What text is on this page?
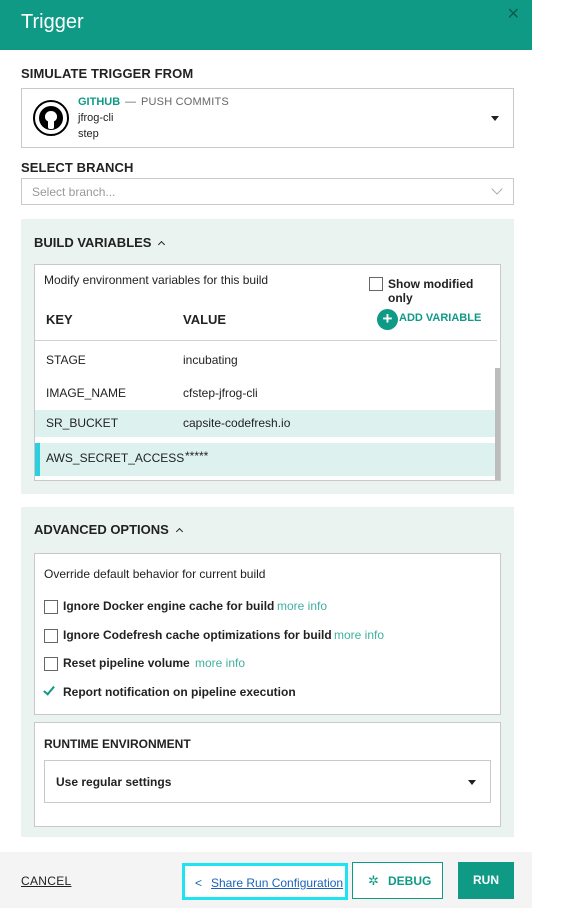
Trigger	✕
SIMULATE TRIGGER FROM
GITHUB — PUSH COMMITS
jfrog-cli
step
SELECT BRANCH
Select branch...
BUILD VARIABLES
Modify environment variables for this build	Show modified only
KEY	VALUE	+ ADD VARIABLE
STAGE	incubating
IMAGE_NAME	cfstep-jfrog-cli
SR_BUCKET	capsite-codefresh.io
AWS_SECRET_ACCESS *****
ADVANCED OPTIONS
Override default behavior for current build
Ignore Docker engine cache for build more info
Ignore Codefresh cache optimizations for build more info
Reset pipeline volume more info
Report notification on pipeline execution
RUNTIME ENVIRONMENT
Use regular settings
CANCEL	< Share Run Configuration ✲ DEBUG	RUN
